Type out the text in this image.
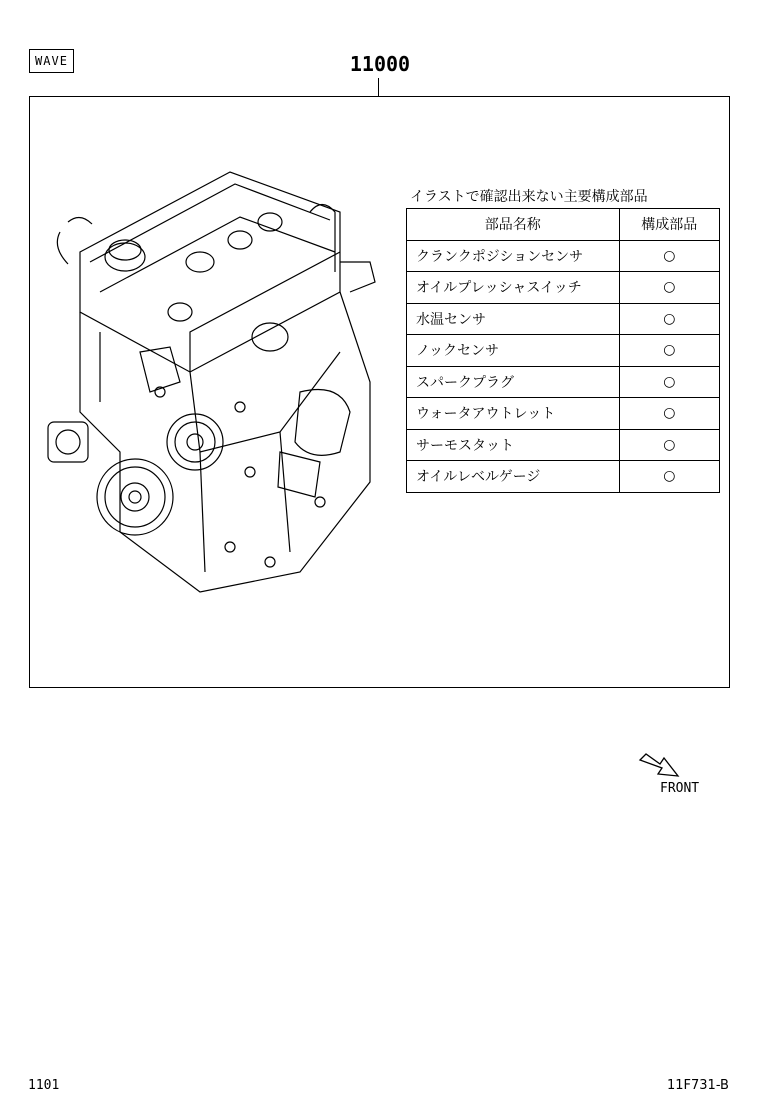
WAVE	11000
イラストで確認出来ない主要構成部品
部品名称	構成部品
クランクポジションセンサ	○
オイルプレッシャスイッチ	○
水温センサ	○
ノックセンサ	○
スパークプラグ	○
ウォータアウトレット	○
サーモスタット	○
オイルレベルゲージ	○
FRONT
1101	11F731-B
